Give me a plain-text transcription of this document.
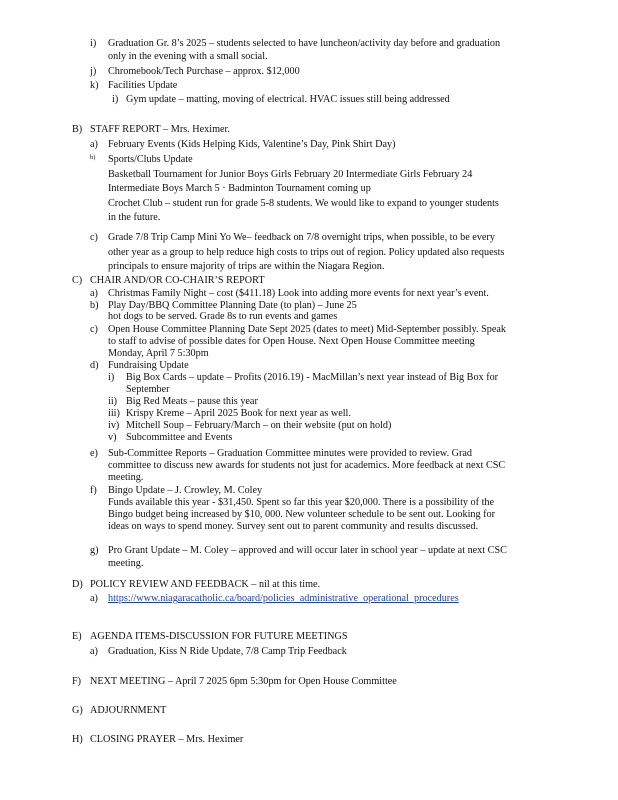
i)
j)
k)
i)
B)
a)
b)
c)
C)
a)
b)
c)
d)
i)
ii)
iii)
iv)
v)
e)
f)
g)
D)
a)
E)
a)
F)
G)
H)
Graduation Gr. 8’s 2025 – students selected to have luncheon/activity day before and graduation
only in the evening with a small social.
Chromebook/Tech Purchase – approx. $12,000
Facilities Update
Gym update – matting, moving of electrical. HVAC issues still being addressed
STAFF REPORT – Mrs. Heximer.
February Events (Kids Helping Kids, Valentine’s Day, Pink Shirt Day)
Sports/Clubs Update
Basketball Tournament for Junior Boys Girls February 20 Intermediate Girls February 24
Intermediate Boys March 5 · Badminton Tournament coming up
Crochet Club – student run for grade 5-8 students. We would like to expand to younger students
in the future.
Grade 7/8 Trip Camp Mini Yo We– feedback on 7/8 overnight trips, when possible, to be every
other year as a group to help reduce high costs to trips out of region. Policy updated also requests
principals to ensure majority of trips are within the Niagara Region.
CHAIR AND/OR CO-CHAIR’S REPORT
Christmas Family Night – cost ($411.18) Look into adding more events for next year’s event.
Play Day/BBQ Committee Planning Date (to plan) – June 25
hot dogs to be served. Grade 8s to run events and games
Open House Committee Planning Date Sept 2025 (dates to meet) Mid-September possibly. Speak
to staff to advise of possible dates for Open House. Next Open House Committee meeting
Monday, April 7 5:30pm
Fundraising Update
Big Box Cards – update – Profits (2016.19) - MacMillan’s next year instead of Big Box for
September
Big Red Meats – pause this year
Krispy Kreme – April 2025 Book for next year as well.
Mitchell Soup – February/March – on their website (put on hold)
Subcommittee and Events
Sub-Committee Reports – Graduation Committee minutes were provided to review. Grad
committee to discuss new awards for students not just for academics. More feedback at next CSC
meeting.
Bingo Update – J. Crowley, M. Coley
Funds available this year - $31,450. Spent so far this year $20,000. There is a possibility of the
Bingo budget being increased by $10, 000. New volunteer schedule to be sent out. Looking for
ideas on ways to spend money. Survey sent out to parent community and results discussed.
Pro Grant Update – M. Coley – approved and will occur later in school year – update at next CSC
meeting.
POLICY REVIEW AND FEEDBACK – nil at this time.
https://www.niagaracatholic.ca/board/policies_administrative_operational_procedures
AGENDA ITEMS-DISCUSSION FOR FUTURE MEETINGS
Graduation, Kiss N Ride Update, 7/8 Camp Trip Feedback
NEXT MEETING – April 7 2025 6pm 5:30pm for Open House Committee
ADJOURNMENT
CLOSING PRAYER – Mrs. Heximer
